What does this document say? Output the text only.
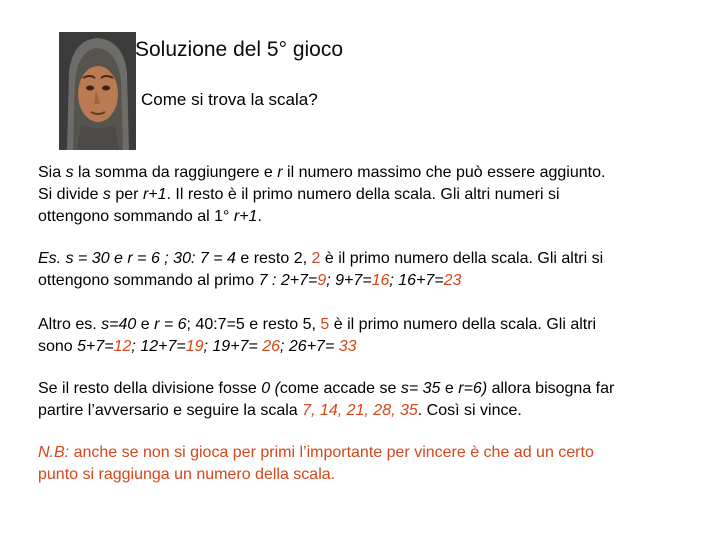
Soluzione del 5° gioco
Come si trova la scala?
Sia s la somma da raggiungere e r il numero massimo che può essere aggiunto.
Si divide s per r+1. Il resto è il primo numero della scala. Gli altri numeri si
ottengono sommando al 1° r+1.
Es. s = 30 e r = 6 ; 30: 7 = 4 e resto 2, 2 è il primo numero della scala. Gli altri si
ottengono sommando al primo 7 : 2+7=9; 9+7=16; 16+7=23
Altro es. s=40 e r = 6; 40:7=5 e resto 5, 5 è il primo numero della scala. Gli altri
sono 5+7=12; 12+7=19; 19+7= 26; 26+7= 33
Se il resto della divisione fosse 0 (come accade se s= 35 e r=6) allora bisogna far
partire l’avversario e seguire la scala 7, 14, 21, 28, 35. Così si vince.
N.B: anche se non si gioca per primi l’importante per vincere è che ad un certo
punto si raggiunga un numero della scala.
